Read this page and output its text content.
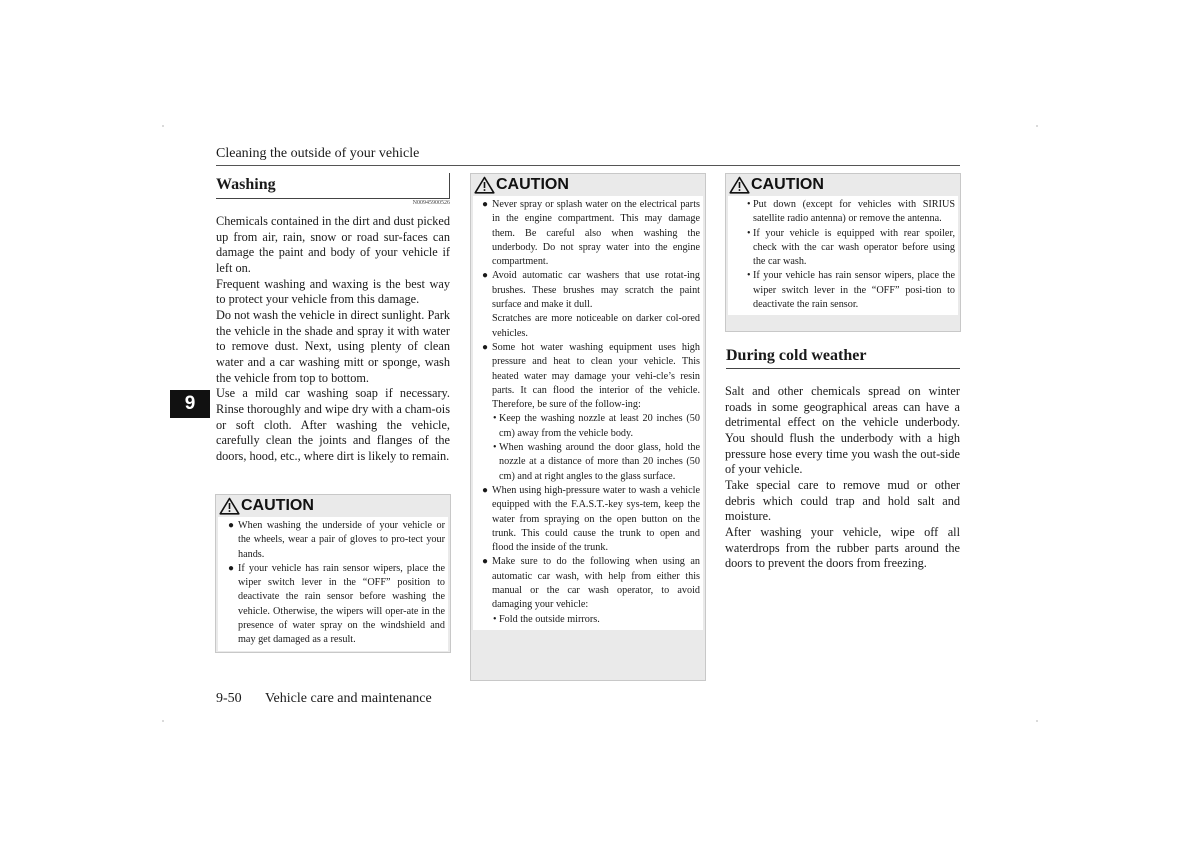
Cleaning the outside of your vehicle
9
Washing
N00945900526

Chemicals contained in the dirt and dust picked up from air, rain, snow or road sur-faces can damage the paint and body of your vehicle if left on.

Frequent washing and waxing is the best way to protect your vehicle from this damage.

Do not wash the vehicle in direct sunlight. Park the vehicle in the shade and spray it with water to remove dust. Next, using plenty of clean water and a car washing mitt or sponge, wash the vehicle from top to bottom.

Use a mild car washing soap if necessary. Rinse thoroughly and wipe dry with a cham-ois or soft cloth. After washing the vehicle, carefully clean the joints and flanges of the doors, hood, etc., where dirt is likely to remain.

CAUTION
● When washing the underside of your vehicle or the wheels, wear a pair of gloves to pro-tect your hands.
● If your vehicle has rain sensor wipers, place the wiper switch lever in the “OFF” position to deactivate the rain sensor before washing the vehicle. Otherwise, the wipers will oper-ate in the presence of water spray on the windshield and may get damaged as a result.
CAUTION
● Never spray or splash water on the electrical parts in the engine compartment. This may damage them. Be careful also when washing the underbody. Do not spray water into the engine compartment.
● Avoid automatic car washers that use rotat-ing brushes. These brushes may scratch the paint surface and make it dull.
Scratches are more noticeable on darker col-ored vehicles.
● Some hot water washing equipment uses high pressure and heat to clean your vehicle. This heated water may damage your vehi-cle’s resin parts. It can flood the interior of the vehicle. Therefore, be sure of the follow-ing:
• Keep the washing nozzle at least 20 inches (50 cm) away from the vehicle body.
• When washing around the door glass, hold the nozzle at a distance of more than 20 inches (50 cm) and at right angles to the glass surface.
● When using high-pressure water to wash a vehicle equipped with the F.A.S.T.-key sys-tem, keep the water from spraying on the open button on the trunk. This could cause the trunk to open and flood the inside of the trunk.
● Make sure to do the following when using an automatic car wash, with help from either this manual or the car wash operator, to avoid damaging your vehicle:
• Fold the outside mirrors.
CAUTION
• Put down (except for vehicles with SIRIUS satellite radio antenna) or remove the antenna.
• If your vehicle is equipped with rear spoiler, check with the car wash operator before using the car wash.
• If your vehicle has rain sensor wipers, place the wiper switch lever in the “OFF” posi-tion to deactivate the rain sensor.
During cold weather

Salt and other chemicals spread on winter roads in some geographical areas can have a detrimental effect on the vehicle underbody. You should flush the underbody with a high pressure hose every time you wash the out-side of your vehicle.

Take special care to remove mud or other debris which could trap and hold salt and moisture.

After washing your vehicle, wipe off all waterdrops from the rubber parts around the doors to prevent the doors from freezing.

9-50 Vehicle care and maintenance
